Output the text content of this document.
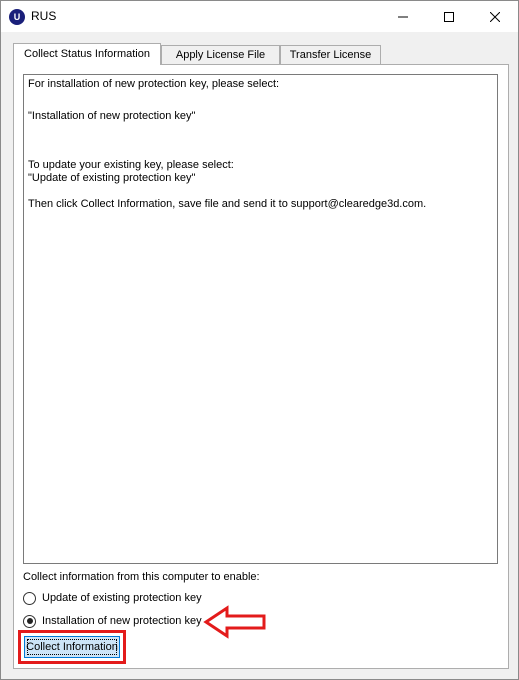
U RUS
Collect Status Information	Apply License File	Transfer License

For installation of new protection key, please select:

"Installation of new protection key"

To update your existing key, please select:

"Update of existing protection key"

Then click Collect Information, save file and send it to support@clearedge3d.com.

Collect information from this computer to enable:
Update of existing protection key
Installation of new protection key
Collect Information
